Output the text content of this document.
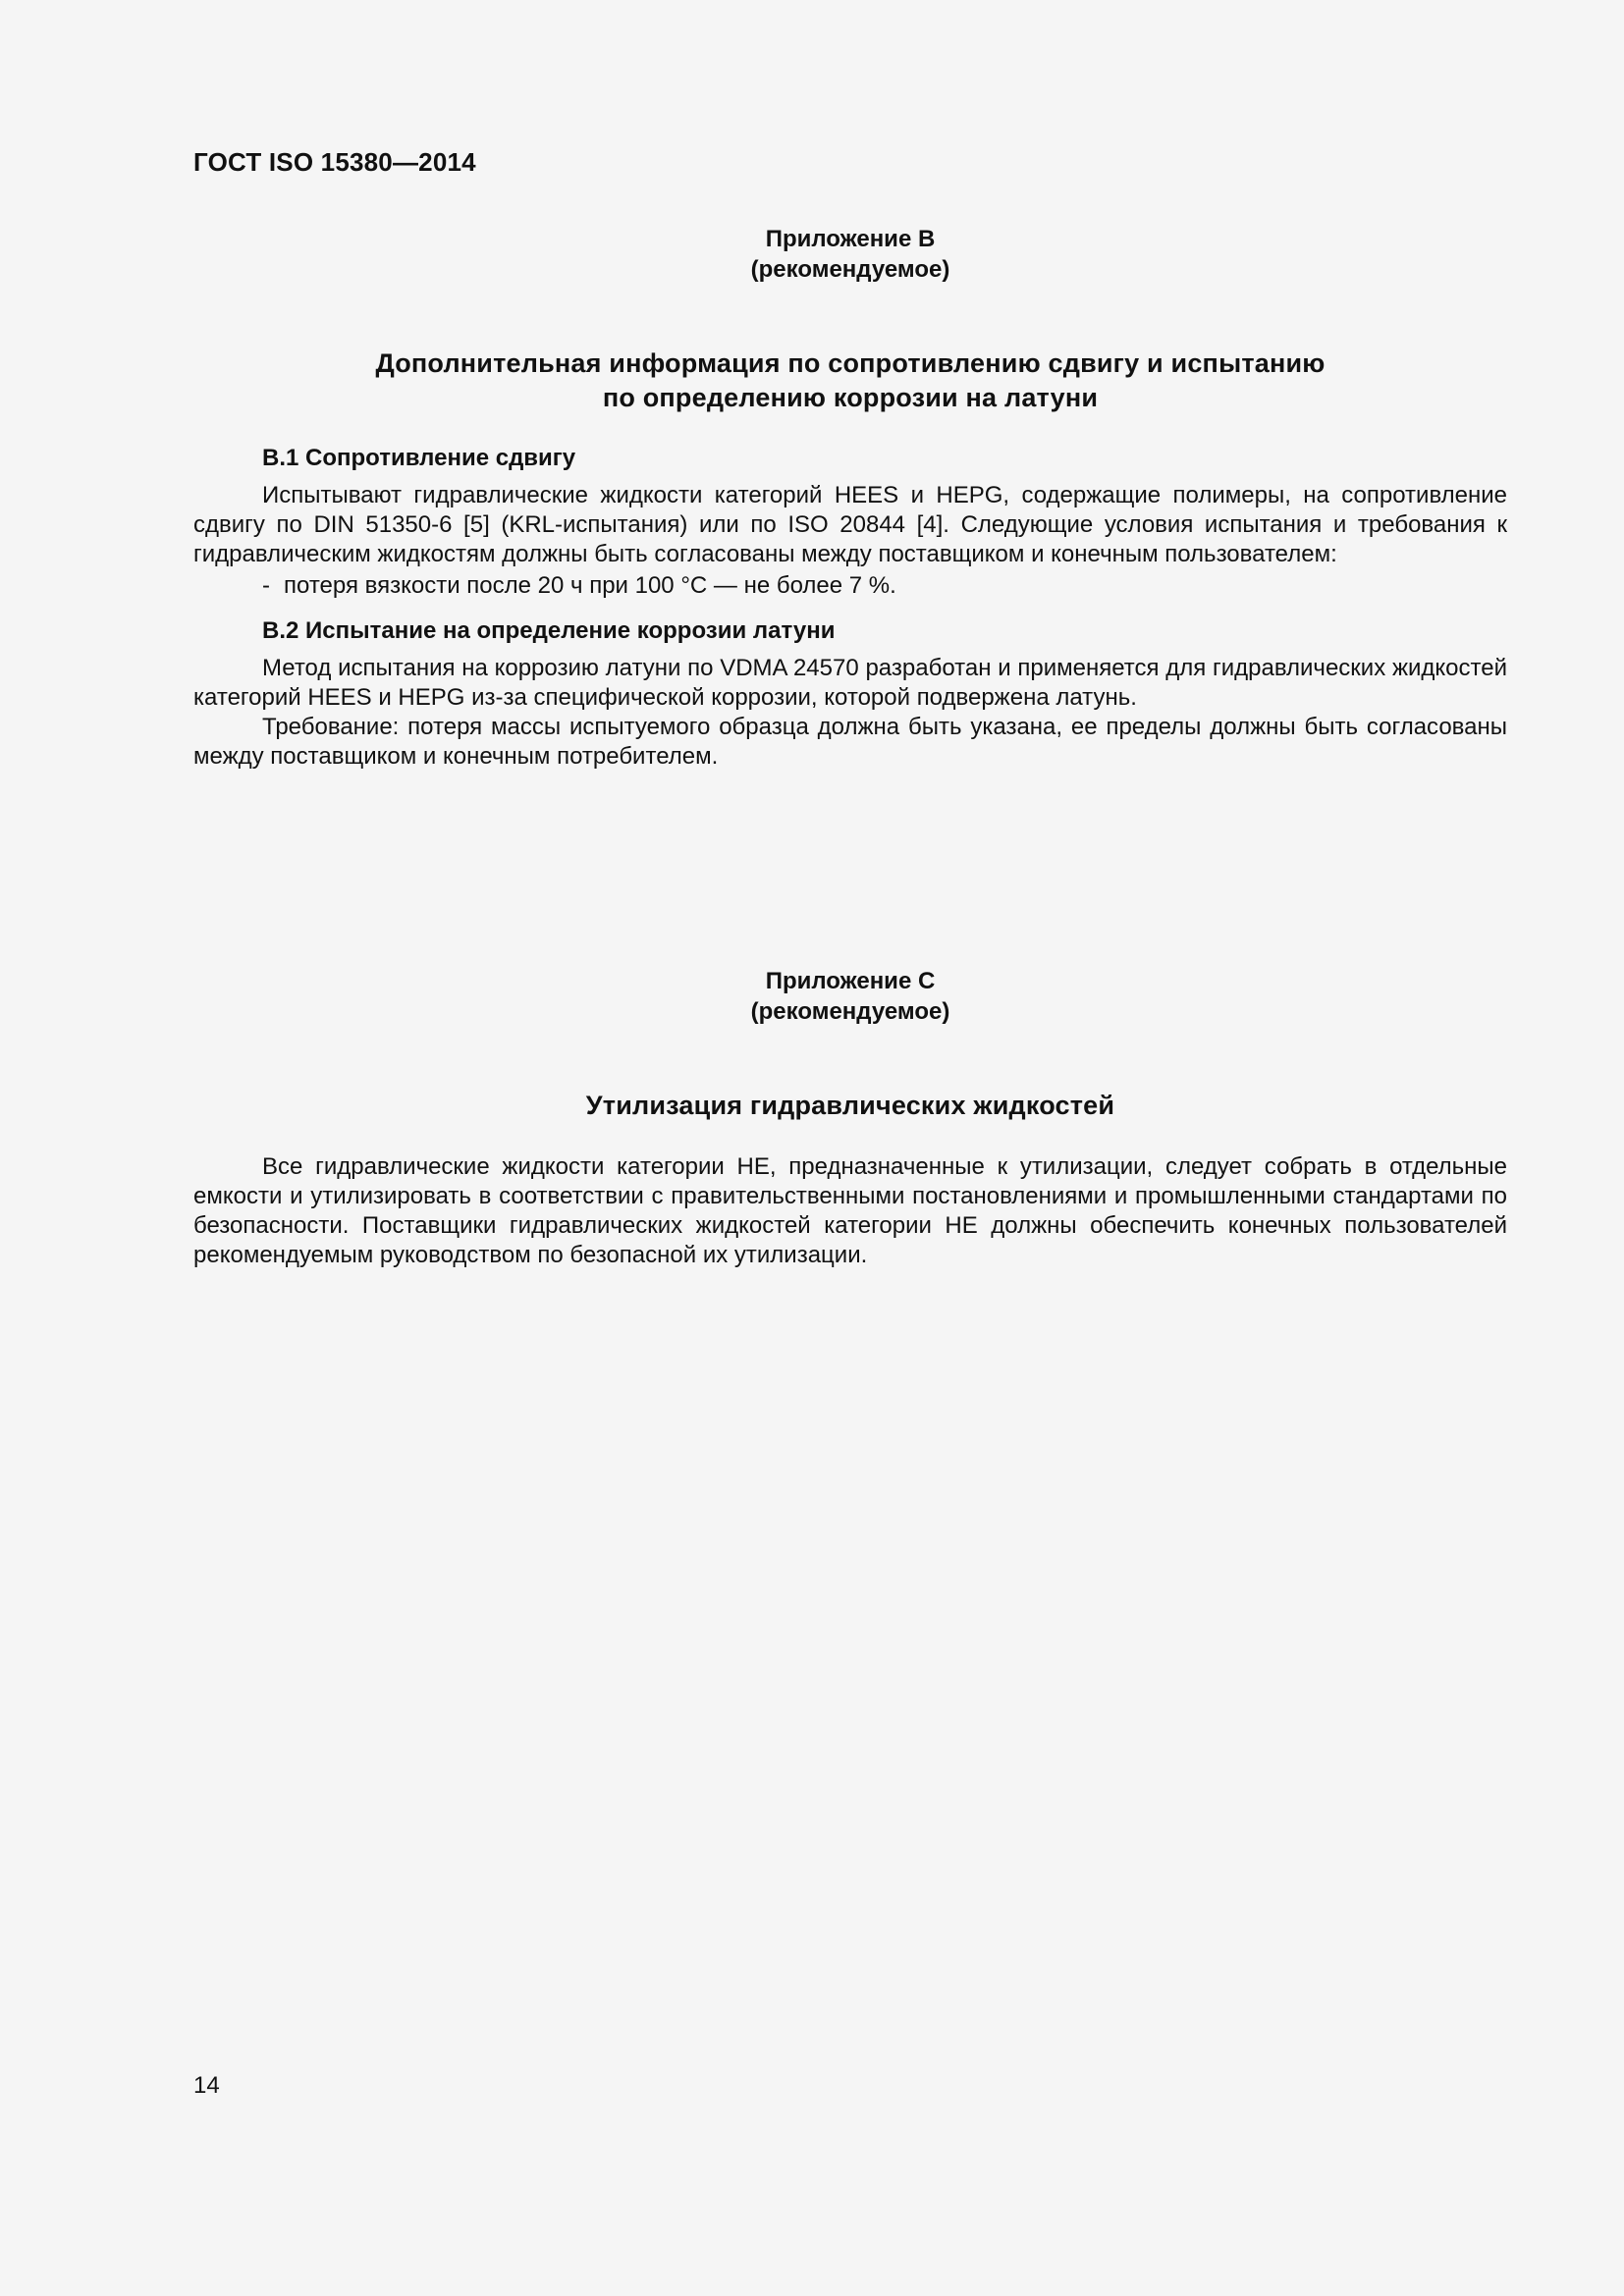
ГОСТ ISO 15380—2014
Приложение В
(рекомендуемое)
Дополнительная информация по сопротивлению сдвигу и испытанию
по определению коррозии на латуни
В.1 Сопротивление сдвигу

Испытывают гидравлические жидкости категорий HEES и HEPG, содержащие полимеры, на сопротивление сдвигу по DIN 51350-6 [5] (KRL-испытания) или по ISO 20844 [4]. Следующие условия испытания и требования к гидравлическим жидкостям должны быть согласованы между поставщиком и конечным пользователем:

- потеря вязкости после 20 ч при 100 °С — не более 7 %.
В.2 Испытание на определение коррозии латуни

Метод испытания на коррозию латуни по VDMA 24570 разработан и применяется для гидравлических жидкостей категорий HEES и HEPG из-за специфической коррозии, которой подвержена латунь.

Требование: потеря массы испытуемого образца должна быть указана, ее пределы должны быть согласованы между поставщиком и конечным потребителем.

Приложение С
(рекомендуемое)
Утилизация гидравлических жидкостей

Все гидравлические жидкости категории НЕ, предназначенные к утилизации, следует собрать в отдельные емкости и утилизировать в соответствии с правительственными постановлениями и промышленными стандартами по безопасности. Поставщики гидравлических жидкостей категории НЕ должны обеспечить конечных пользователей рекомендуемым руководством по безопасной их утилизации.

14
